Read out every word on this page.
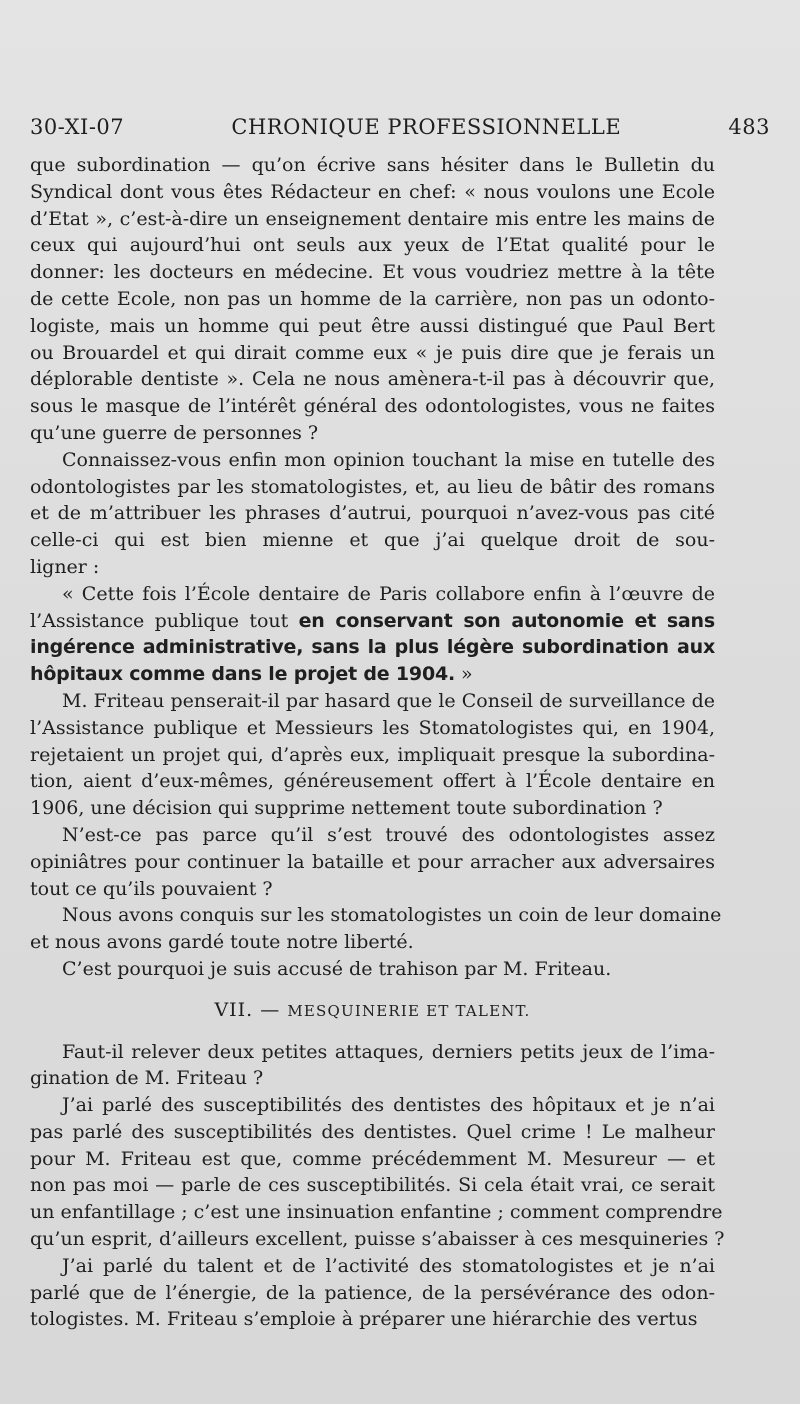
30-XI-07	CHRONIQUE PROFESSIONNELLE	483

que subordination — qu’on écrive sans hésiter dans le Bulletin du
Syndical dont vous êtes Rédacteur en chef: « nous voulons une Ecole
d’Etat », c’est-à-dire un enseignement dentaire mis entre les mains de
ceux qui aujourd’hui ont seuls aux yeux de l’Etat qualité pour le
donner: les docteurs en médecine. Et vous voudriez mettre à la tête
de cette Ecole, non pas un homme de la carrière, non pas un odonto-
logiste, mais un homme qui peut être aussi distingué que Paul Bert
ou Brouardel et qui dirait comme eux « je puis dire que je ferais un
déplorable dentiste ». Cela ne nous amènera-t-il pas à découvrir que,
sous le masque de l’intérêt général des odontologistes, vous ne faites
qu’une guerre de personnes ?

Connaissez-vous enfin mon opinion touchant la mise en tutelle des
odontologistes par les stomatologistes, et, au lieu de bâtir des romans
et de m’attribuer les phrases d’autrui, pourquoi n’avez-vous pas cité
celle-ci qui est bien mienne et que j’ai quelque droit de sou-
ligner :

« Cette fois l’École dentaire de Paris collabore enfin à l’œuvre de
l’Assistance publique tout en conservant son autonomie et sans
ingérence administrative, sans la plus légère subordination aux
hôpitaux comme dans le projet de 1904. »

M. Friteau penserait-il par hasard que le Conseil de surveillance de
l’Assistance publique et Messieurs les Stomatologistes qui, en 1904,
rejetaient un projet qui, d’après eux, impliquait presque la subordina-
tion, aient d’eux-mêmes, généreusement offert à l’École dentaire en
1906, une décision qui supprime nettement toute subordination ?

N’est-ce pas parce qu’il s’est trouvé des odontologistes assez
opiniâtres pour continuer la bataille et pour arracher aux adversaires
tout ce qu’ils pouvaient ?

Nous avons conquis sur les stomatologistes un coin de leur domaine
et nous avons gardé toute notre liberté.

C’est pourquoi je suis accusé de trahison par M. Friteau.

VII. — MESQUINERIE ET TALENT.

Faut-il relever deux petites attaques, derniers petits jeux de l’ima-
gination de M. Friteau ?

J’ai parlé des susceptibilités des dentistes des hôpitaux et je n’ai
pas parlé des susceptibilités des dentistes. Quel crime ! Le malheur
pour M. Friteau est que, comme précédemment M. Mesureur — et
non pas moi — parle de ces susceptibilités. Si cela était vrai, ce serait
un enfantillage ; c’est une insinuation enfantine ; comment comprendre
qu’un esprit, d’ailleurs excellent, puisse s’abaisser à ces mesquineries ?

J’ai parlé du talent et de l’activité des stomatologistes et je n’ai
parlé que de l’énergie, de la patience, de la persévérance des odon-
tologistes. M. Friteau s’emploie à préparer une hiérarchie des vertus
